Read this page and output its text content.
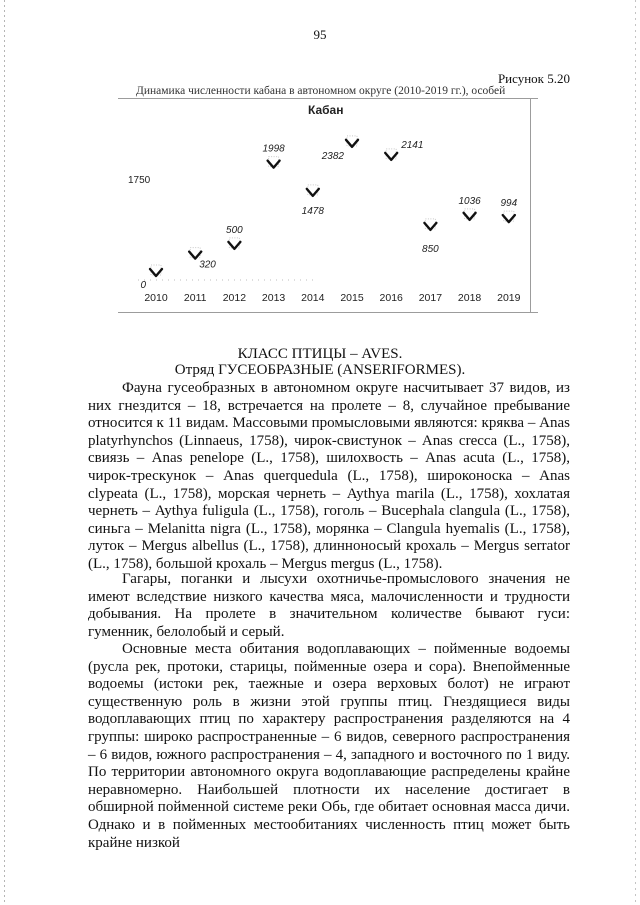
95
Рисунок 5.20
Динамика численности кабана в автономном округе (2010-2019 гг.), особей
Кабан
0
2010
320
2011
500
2012
1998
2013
1478
2014
2382
2015
2141
2016
850
2017
1036
2018
994
2019
1750
КЛАСС ПТИЦЫ – AVES.
Отряд ГУСЕОБРАЗНЫЕ (ANSERIFORMES).

Фауна гусеобразных в автономном округе насчитывает 37 видов, из них гнездится – 18, встречается на пролете – 8, случайное пребывание относится к 11 видам. Массовыми промысловыми являются: кряква – Anas platyrhynchos (Linnaeus, 1758), чирок-свистунок – Anas crecca (L., 1758), свиязь – Anas penelope (L., 1758), шилохвость – Anas acuta (L., 1758), чирок-трескунок – Anas querquedula (L., 1758), широконоска – Anas clypeata (L., 1758), морская чернеть – Aythya marila (L., 1758), хохлатая чернеть – Aythya fuligula (L., 1758), гоголь – Bucephala clangula (L., 1758), синьга – Melanitta nigra (L., 1758), морянка – Clangula hyemalis (L., 1758), луток – Mergus albellus (L., 1758), длинноносый крохаль – Mergus serrator (L., 1758), большой крохаль – Mergus mergus (L., 1758).

Гагары, поганки и лысухи охотничье-промыслового значения не имеют вследствие низкого качества мяса, малочисленности и трудности добывания. На пролете в значительном количестве бывают гуси: гуменник, белолобый и серый.

Основные места обитания водоплавающих – пойменные водоемы (русла рек, протоки, старицы, пойменные озера и сора). Внепойменные водоемы (истоки рек, таежные и озера верховых болот) не играют существенную роль в жизни этой группы птиц. Гнездящиеся виды водоплавающих птиц по характеру распространения разделяются на 4 группы: широко распространенные – 6 видов, северного распространения – 6 видов, южного распространения – 4, западного и восточного по 1 виду. По территории автономного округа водоплавающие распределены крайне неравномерно. Наибольшей плотности их население достигает в обширной пойменной системе реки Обь, где обитает основная масса дичи. Однако и в пойменных местообитаниях численность птиц может быть крайне низкой
